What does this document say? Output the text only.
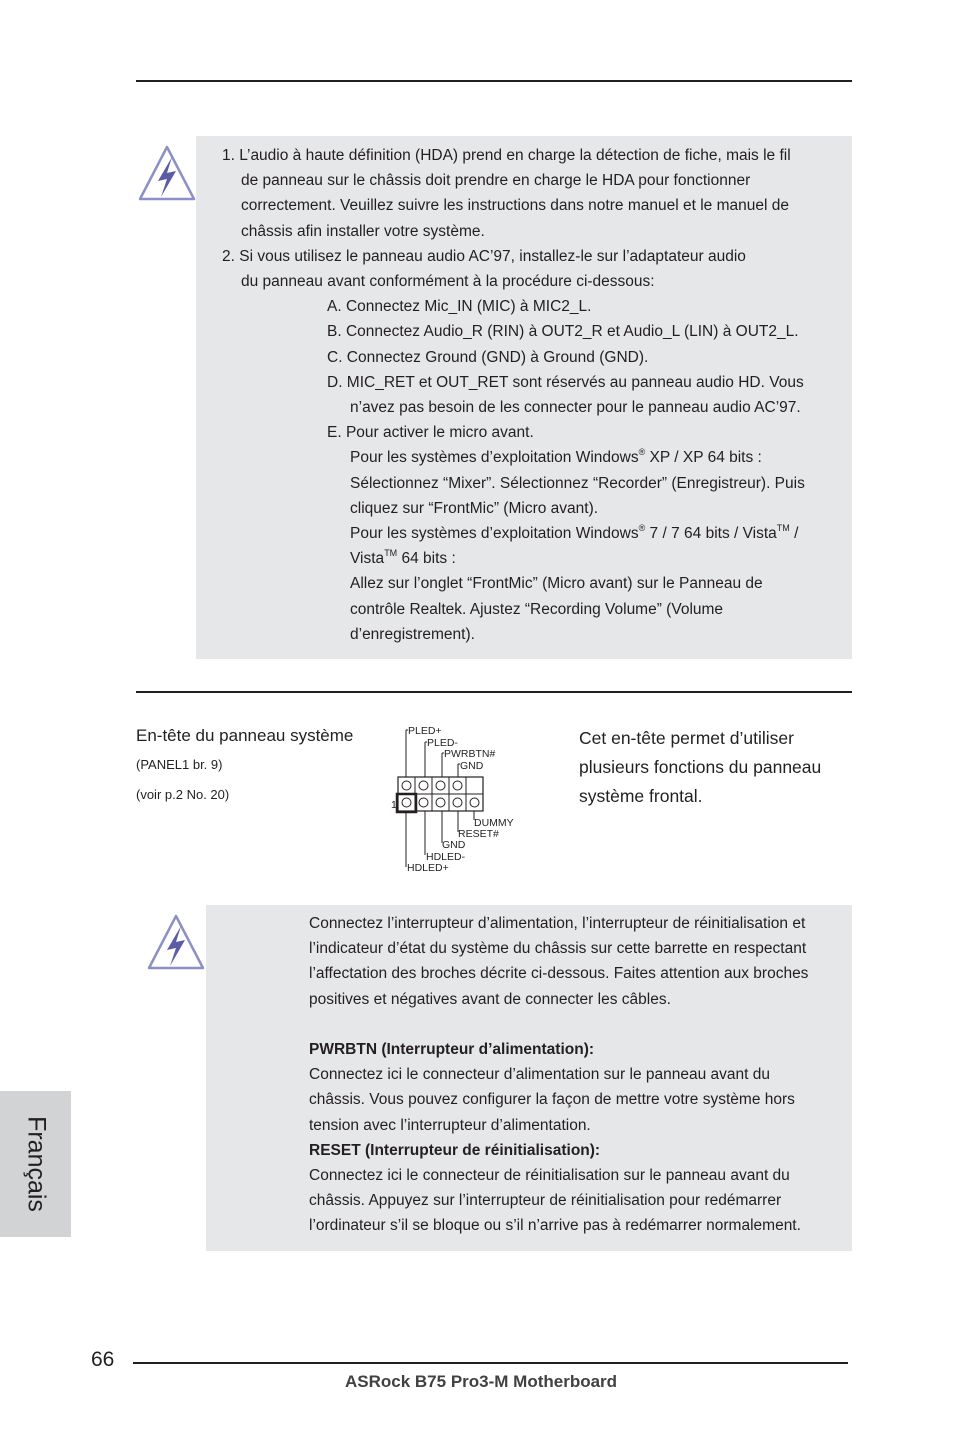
1. L’audio à haute définition (HDA) prend en charge la détection de fiche, mais le fil
de panneau sur le châssis doit prendre en charge le HDA pour fonctionner
correctement. Veuillez suivre les instructions dans notre manuel et le manuel de
châssis afin installer votre système.
2. Si vous utilisez le panneau audio AC’97, installez-le sur l’adaptateur audio
du panneau avant conformément à la procédure ci-dessous:
A. Connectez Mic_IN (MIC) à MIC2_L.
B. Connectez Audio_R (RIN) à OUT2_R et Audio_L (LIN) à OUT2_L.
C. Connectez Ground (GND) à Ground (GND).
D. MIC_RET et OUT_RET sont réservés au panneau audio HD. Vous
n’avez pas besoin de les connecter pour le panneau audio AC’97.
E. Pour activer le micro avant.
Pour les systèmes d’exploitation Windows® XP / XP 64 bits :
Sélectionnez “Mixer”. Sélectionnez “Recorder” (Enregistreur). Puis
cliquez sur “FrontMic” (Micro avant).
Pour les systèmes d’exploitation Windows® 7 / 7 64 bits / Vista™ /
Vista™ 64 bits :
Allez sur l’onglet “FrontMic” (Micro avant) sur le Panneau de
contrôle Realtek. Ajustez “Recording Volume” (Volume
d’enregistrement).
En-tête du panneau système
(PANEL1 br. 9)
(voir p.2 No. 20)
Cet en-tête permet d’utiliser
plusieurs fonctions du panneau
système frontal.
PLED+
PLED-
PWRBTN#
GND
1
DUMMY
RESET#
GND
HDLED-
HDLED+
Connectez l’interrupteur d’alimentation, l’interrupteur de réinitialisation et
l’indicateur d’état du système du châssis sur cette barrette en respectant
l’affectation des broches décrite ci-dessous. Faites attention aux broches
positives et négatives avant de connecter les câbles.

PWRBTN (Interrupteur d’alimentation):
Connectez ici le connecteur d’alimentation sur le panneau avant du
châssis. Vous pouvez configurer la façon de mettre votre système hors
tension avec l’interrupteur d’alimentation.
RESET (Interrupteur de réinitialisation):
Connectez ici le connecteur de réinitialisation sur le panneau avant du
châssis. Appuyez sur l’interrupteur de réinitialisation pour redémarrer
l’ordinateur s’il se bloque ou s’il n’arrive pas à redémarrer normalement.
Français
66
ASRock B75 Pro3-M Motherboard
